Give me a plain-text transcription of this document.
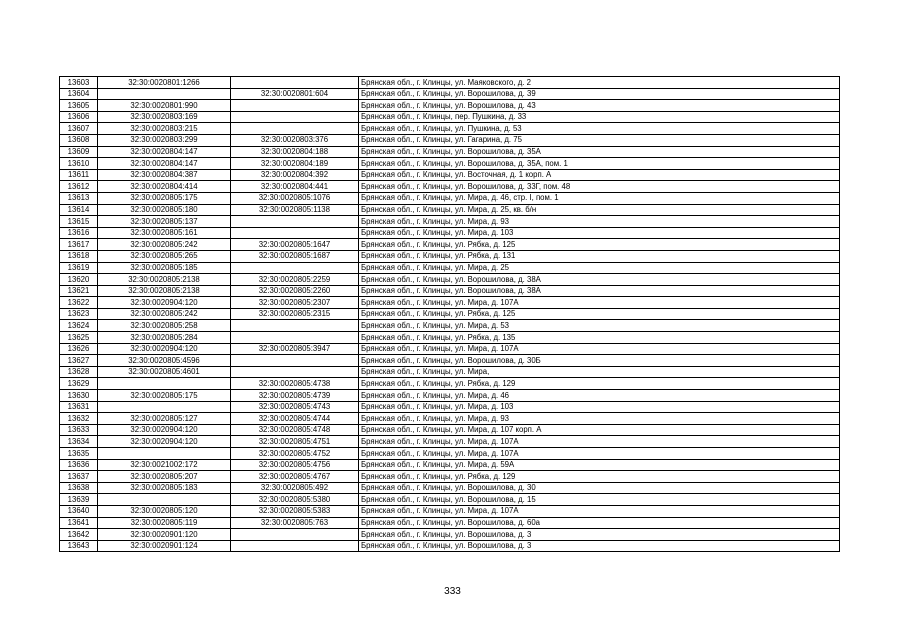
13603	32:30:0020801:1266		Брянская обл., г. Клинцы, ул. Маяковского, д. 2
13604		32:30:0020801:604	Брянская обл., г. Клинцы, ул. Ворошилова, д. 39
13605	32:30:0020801:990		Брянская обл., г. Клинцы, ул. Ворошилова, д. 43
13606	32:30:0020803:169		Брянская обл., г. Клинцы, пер. Пушкина, д. 33
13607	32:30:0020803:215		Брянская обл., г. Клинцы, ул. Пушкина, д. 53
13608	32:30:0020803:299	32:30:0020803:376	Брянская обл., г. Клинцы, ул. Гагарина, д. 75
13609	32:30:0020804:147	32:30:0020804:188	Брянская обл., г. Клинцы, ул. Ворошилова, д. 35А
13610	32:30:0020804:147	32:30:0020804:189	Брянская обл., г. Клинцы, ул. Ворошилова, д. 35А, пом. 1
13611	32:30:0020804:387	32:30:0020804:392	Брянская обл., г. Клинцы, ул. Восточная, д. 1 корп. А
13612	32:30:0020804:414	32:30:0020804:441	Брянская обл., г. Клинцы, ул. Ворошилова, д. 33Г, пом. 48
13613	32:30:0020805:175	32:30:0020805:1076	Брянская обл., г. Клинцы, ул. Мира, д. 46, стр. I, пом. 1
13614	32:30:0020805:180	32:30:0020805:1138	Брянская обл., г. Клинцы, ул. Мира, д. 25, кв. б/н
13615	32:30:0020805:137		Брянская обл., г. Клинцы, ул. Мира, д. 93
13616	32:30:0020805:161		Брянская обл., г. Клинцы, ул. Мира, д. 103
13617	32:30:0020805:242	32:30:0020805:1647	Брянская обл., г. Клинцы, ул. Рябка, д. 125
13618	32:30:0020805:265	32:30:0020805:1687	Брянская обл., г. Клинцы, ул. Рябка, д. 131
13619	32:30:0020805:185		Брянская обл., г. Клинцы, ул. Мира, д. 25
13620	32:30:0020805:2138	32:30:0020805:2259	Брянская обл., г. Клинцы, ул. Ворошилова, д. 38А
13621	32:30:0020805:2138	32:30:0020805:2260	Брянская обл., г. Клинцы, ул. Ворошилова, д. 38А
13622	32:30:0020904:120	32:30:0020805:2307	Брянская обл., г. Клинцы, ул. Мира, д. 107А
13623	32:30:0020805:242	32:30:0020805:2315	Брянская обл., г. Клинцы, ул. Рябка, д. 125
13624	32:30:0020805:258		Брянская обл., г. Клинцы, ул. Мира, д. 53
13625	32:30:0020805:284		Брянская обл., г. Клинцы, ул. Рябка, д. 135
13626	32:30:0020904:120	32:30:0020805:3947	Брянская обл., г. Клинцы, ул. Мира, д. 107А
13627	32:30:0020805:4596		Брянская обл., г. Клинцы, ул. Ворошилова, д. 30Б
13628	32:30:0020805:4601		Брянская обл., г. Клинцы, ул. Мира,
13629		32:30:0020805:4738	Брянская обл., г. Клинцы, ул. Рябка, д. 129
13630	32:30:0020805:175	32:30:0020805:4739	Брянская обл., г. Клинцы, ул. Мира, д. 46
13631		32:30:0020805:4743	Брянская обл., г. Клинцы, ул. Мира, д. 103
13632	32:30:0020805:127	32:30:0020805:4744	Брянская обл., г. Клинцы, ул. Мира, д. 93
13633	32:30:0020904:120	32:30:0020805:4748	Брянская обл., г. Клинцы, ул. Мира, д. 107 корп. А
13634	32:30:0020904:120	32:30:0020805:4751	Брянская обл., г. Клинцы, ул. Мира, д. 107А
13635		32:30:0020805:4752	Брянская обл., г. Клинцы, ул. Мира, д. 107А
13636	32:30:0021002:172	32:30:0020805:4756	Брянская обл., г. Клинцы, ул. Мира, д. 59А
13637	32:30:0020805:207	32:30:0020805:4767	Брянская обл., г. Клинцы, ул. Рябка, д. 129
13638	32:30:0020805:183	32:30:0020805:492	Брянская обл., г. Клинцы, ул. Ворошилова, д. 30
13639		32:30:0020805:5380	Брянская обл., г. Клинцы, ул. Ворошилова, д. 15
13640	32:30:0020805:120	32:30:0020805:5383	Брянская обл., г. Клинцы, ул. Мира, д. 107А
13641	32:30:0020805:119	32:30:0020805:763	Брянская обл., г. Клинцы, ул. Ворошилова, д. 60а
13642	32:30:0020901:120		Брянская обл., г. Клинцы, ул. Ворошилова, д. 3
13643	32:30:0020901:124		Брянская обл., г. Клинцы, ул. Ворошилова, д. 3
333
